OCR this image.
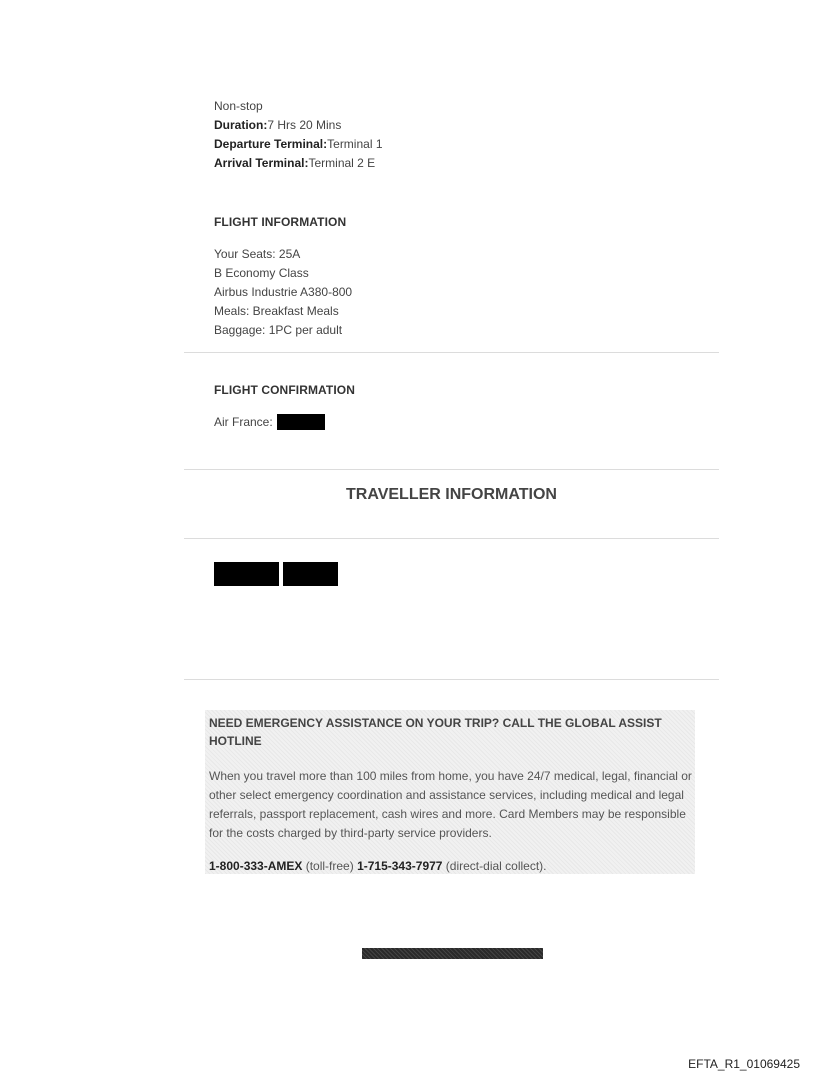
Non-stop
Duration:7 Hrs 20 Mins
Departure Terminal:Terminal 1
Arrival Terminal:Terminal 2 E
FLIGHT INFORMATION
Your Seats: 25A
B Economy Class
Airbus Industrie A380-800
Meals: Breakfast Meals
Baggage: 1PC per adult
FLIGHT CONFIRMATION
Air France:
TRAVELLER INFORMATION
NEED EMERGENCY ASSISTANCE ON YOUR TRIP? CALL THE GLOBAL ASSIST HOTLINE
When you travel more than 100 miles from home, you have 24/7 medical, legal, financial or other select emergency coordination and assistance services, including medical and legal referrals, passport replacement, cash wires and more. Card Members may be responsible for the costs charged by third-party service providers.
1-800-333-AMEX (toll-free) 1-715-343-7977 (direct-dial collect).
EFTA_R1_01069425
